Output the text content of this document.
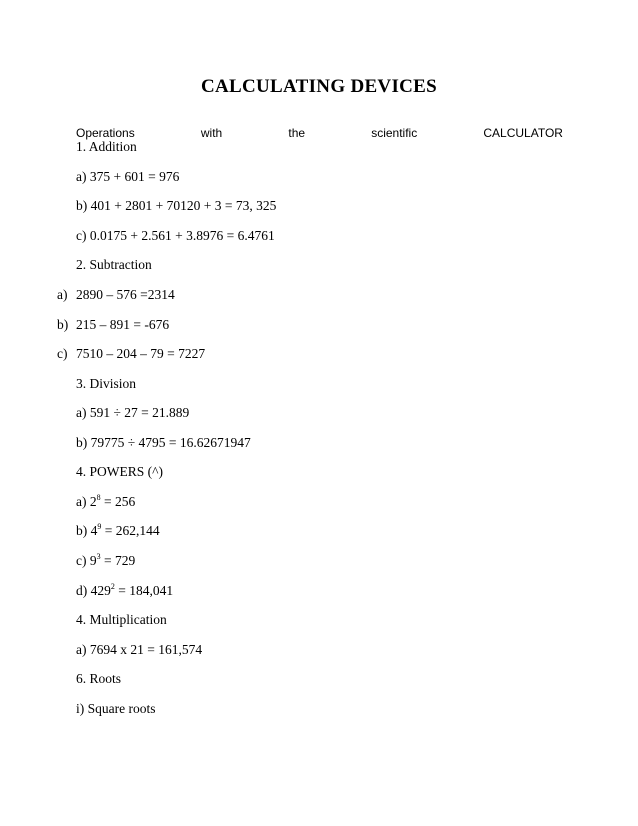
CALCULATING DEVICES
Operations	with	the	scientific	CALCULATOR
1. Addition
a) 375 + 601 = 976
b) 401 + 2801 + 70120 + 3 = 73, 325
c) 0.0175 + 2.561 + 3.8976 = 6.4761
2. Subtraction
a) 2890 – 576 =2314
b) 215 – 891 = -676
c) 7510 – 204 – 79 = 7227
3. Division
a) 591 ÷ 27 = 21.889
b) 79775 ÷ 4795 = 16.62671947
4. POWERS (^)
a) $2^8 = 256$
b) $4^9 = 262,144$
c) $9^3 = 729$
d) $429^2 = 184,041$
4. Multiplication
a) 7694 x 21 = 161,574
6. Roots
i) Square roots
